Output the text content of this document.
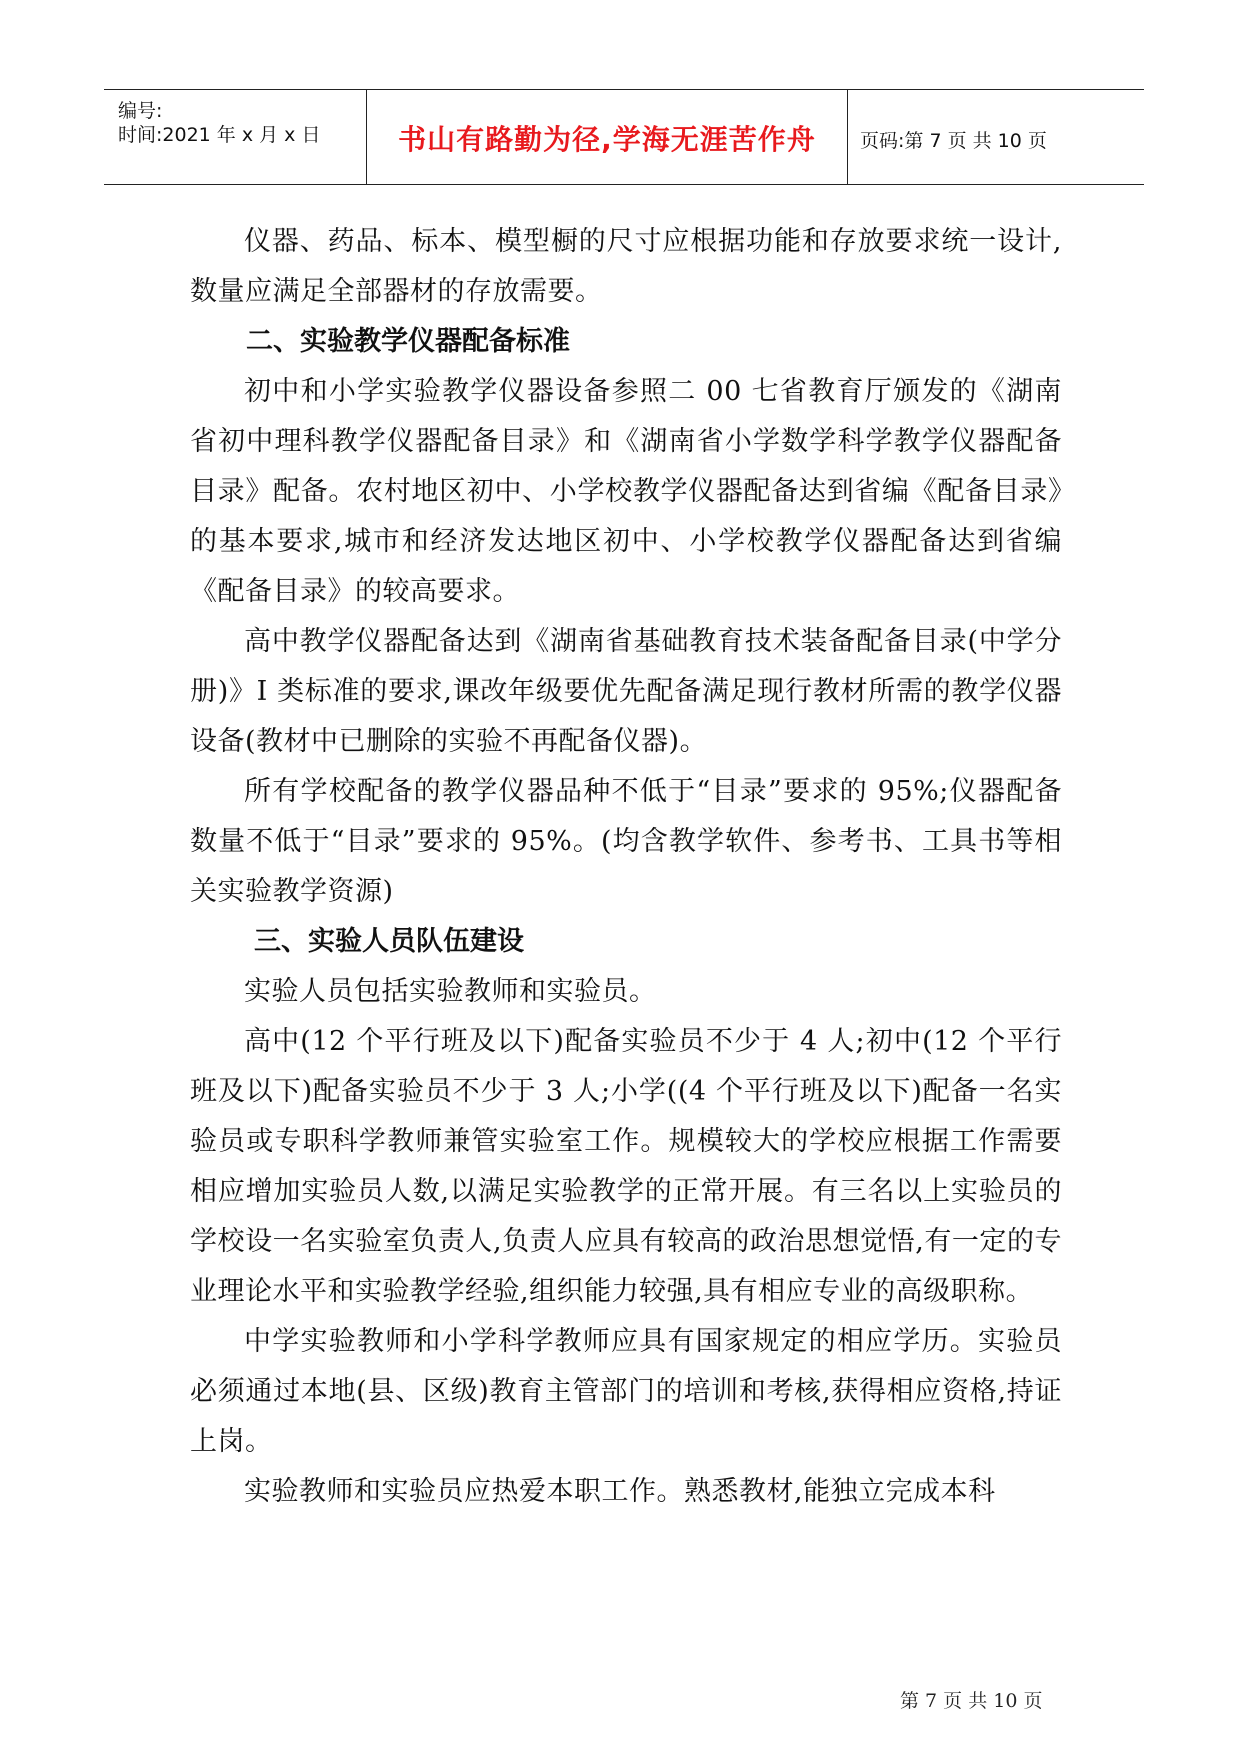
编号:
时间:2021 年 x 月 x 日	书山有路勤为径,学海无涯苦作舟	页码:第 7 页 共 10 页

仪器、药品、标本、模型橱的尺寸应根据功能和存放要求统一设计,数量应满足全部器材的存放需要。

二、实验教学仪器配备标准

初中和小学实验教学仪器设备参照二 00 七省教育厅颁发的《湖南省初中理科教学仪器配备目录》和《湖南省小学数学科学教学仪器配备目录》配备。农村地区初中、小学校教学仪器配备达到省编《配备目录》的基本要求,城市和经济发达地区初中、小学校教学仪器配备达到省编《配备目录》的较高要求。

高中教学仪器配备达到《湖南省基础教育技术装备配备目录(中学分册)》I 类标准的要求,课改年级要优先配备满足现行教材所需的教学仪器设备(教材中已删除的实验不再配备仪器)。

所有学校配备的教学仪器品种不低于“目录”要求的 95%;仪器配备数量不低于“目录”要求的 95%。(均含教学软件、参考书、工具书等相关实验教学资源)

三、实验人员队伍建设

实验人员包括实验教师和实验员。

高中(12 个平行班及以下)配备实验员不少于 4 人;初中(12 个平行班及以下)配备实验员不少于 3 人;小学((4 个平行班及以下)配备一名实验员或专职科学教师兼管实验室工作。规模较大的学校应根据工作需要相应增加实验员人数,以满足实验教学的正常开展。有三名以上实验员的学校设一名实验室负责人,负责人应具有较高的政治思想觉悟,有一定的专业理论水平和实验教学经验,组织能力较强,具有相应专业的高级职称。

中学实验教师和小学科学教师应具有国家规定的相应学历。实验员必须通过本地(县、区级)教育主管部门的培训和考核,获得相应资格,持证上岗。

实验教师和实验员应热爱本职工作。熟悉教材,能独立完成本科

第 7 页 共 10 页
